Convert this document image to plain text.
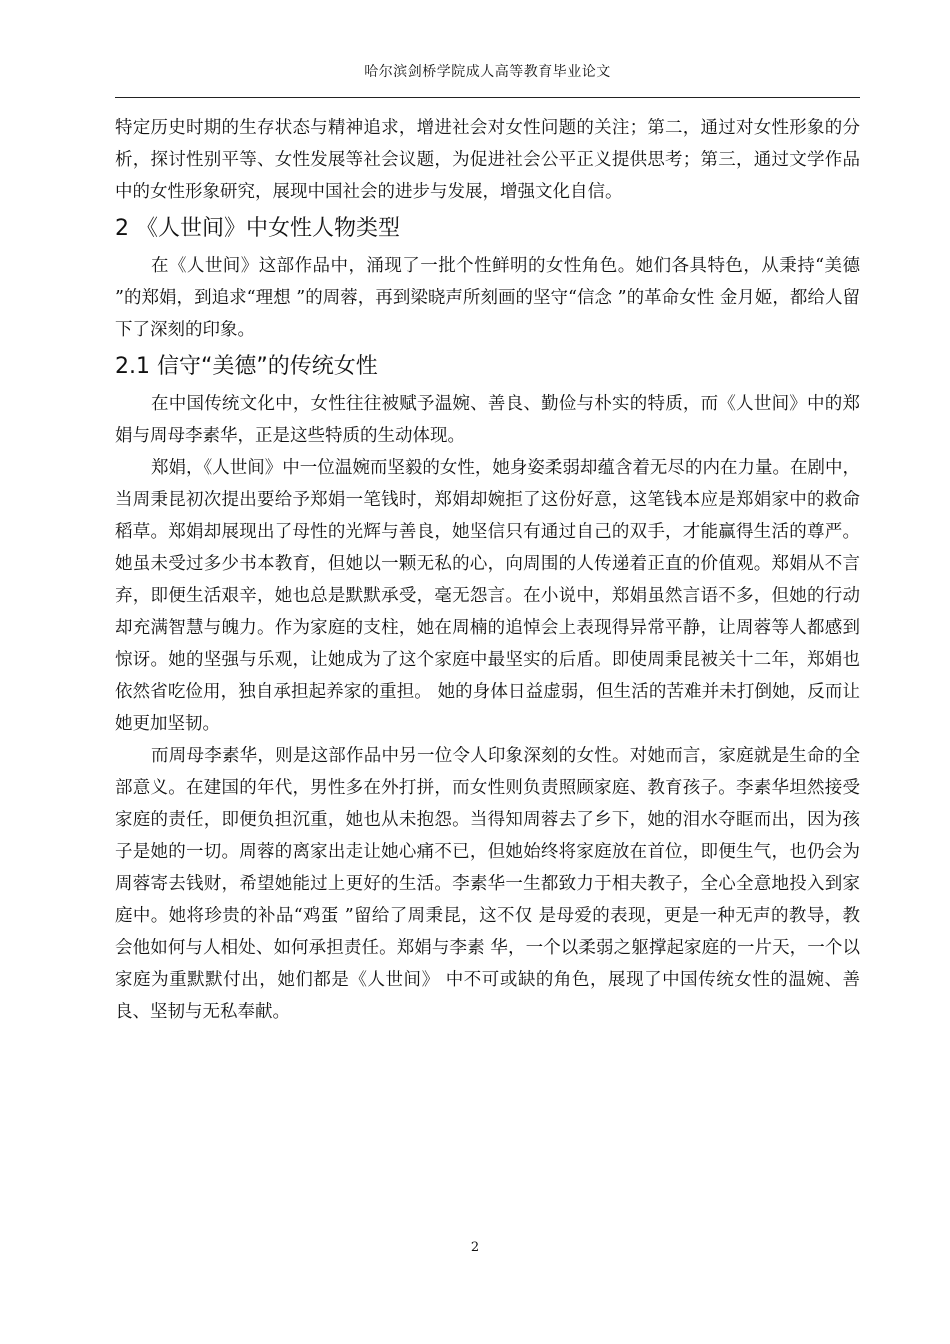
哈尔滨剑桥学院成人高等教育毕业论文

特定历史时期的生存状态与精神追求，增进社会对女性问题的关注；第二，通过对女性形象的分析，探讨性别平等、女性发展等社会议题，为促进社会公平正义提供思考；第三，通过文学作品中的女性形象研究，展现中国社会的进步与发展，增强文化自信。

2 《人世间》中女性人物类型

在《人世间》这部作品中，涌现了一批个性鲜明的女性角色。她们各具特色，从秉持“美德 ”的郑娟，到追求“理想 ”的周蓉，再到梁晓声所刻画的坚守“信念 ”的革命女性 金月姬，都给人留下了深刻的印象。

2.1 信守“美德”的传统女性

在中国传统文化中，女性往往被赋予温婉、善良、勤俭与朴实的特质，而《人世间》中的郑娟与周母李素华，正是这些特质的生动体现。

郑娟，《人世间》中一位温婉而坚毅的女性，她身姿柔弱却蕴含着无尽的内在力量。在剧中，当周秉昆初次提出要给予郑娟一笔钱时，郑娟却婉拒了这份好意，这笔钱本应是郑娟家中的救命稻草。郑娟却展现出了母性的光辉与善良，她坚信只有通过自己的双手，才能赢得生活的尊严。她虽未受过多少书本教育，但她以一颗无私的心，向周围的人传递着正直的价值观。郑娟从不言弃，即便生活艰辛，她也总是默默承受，毫无怨言。在小说中，郑娟虽然言语不多，但她的行动却充满智慧与魄力。作为家庭的支柱，她在周楠的追悼会上表现得异常平静，让周蓉等人都感到惊讶。她的坚强与乐观，让她成为了这个家庭中最坚实的后盾。即使周秉昆被关十二年，郑娟也依然省吃俭用，独自承担起养家的重担。 她的身体日益虚弱，但生活的苦难并未打倒她，反而让她更加坚韧。

而周母李素华，则是这部作品中另一位令人印象深刻的女性。对她而言，家庭就是生命的全部意义。在建国的年代，男性多在外打拼，而女性则负责照顾家庭、教育孩子。李素华坦然接受家庭的责任，即便负担沉重，她也从未抱怨。当得知周蓉去了乡下，她的泪水夺眶而出，因为孩子是她的一切。周蓉的离家出走让她心痛不已，但她始终将家庭放在首位，即便生气，也仍会为周蓉寄去钱财，希望她能过上更好的生活。李素华一生都致力于相夫教子，全心全意地投入到家庭中。她将珍贵的补品“鸡蛋 ”留给了周秉昆，这不仅 是母爱的表现，更是一种无声的教导，教会他如何与人相处、如何承担责任。郑娟与李素 华，一个以柔弱之躯撑起家庭的一片天，一个以家庭为重默默付出，她们都是《人世间》 中不可或缺的角色，展现了中国传统女性的温婉、善良、坚韧与无私奉献。

2
